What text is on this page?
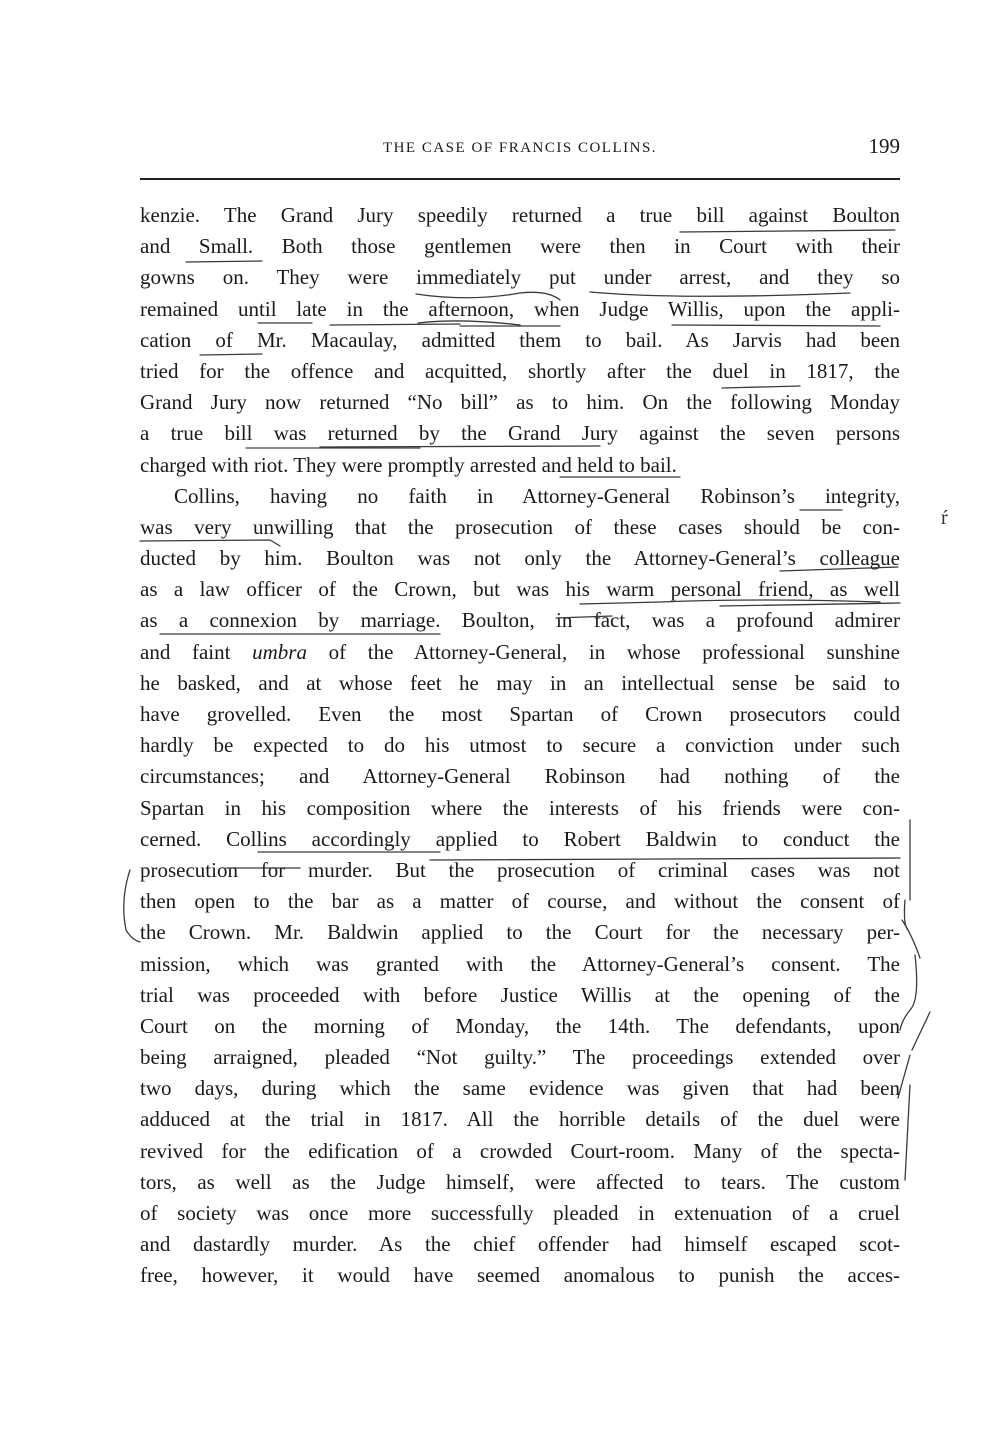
THE CASE OF FRANCIS COLLINS.	199
kenzie. The Grand Jury speedily returned a true bill against Boulton
and Small. Both those gentlemen were then in Court with their
gowns on. They were immediately put under arrest, and they so
remained until late in the afternoon, when Judge Willis, upon the appli-
cation of Mr. Macaulay, admitted them to bail. As Jarvis had been
tried for the offence and acquitted, shortly after the duel in 1817, the
Grand Jury now returned “No bill” as to him. On the following Monday
a true bill was returned by the Grand Jury against the seven persons
charged with riot. They were promptly arrested and held to bail.
Collins, having no faith in Attorney-General Robinson’s integrity,
was very unwilling that the prosecution of these cases should be con-
ducted by him. Boulton was not only the Attorney-General’s colleague
as a law officer of the Crown, but was his warm personal friend, as well
as a connexion by marriage. Boulton, in fact, was a profound admirer
and faint umbra of the Attorney-General, in whose professional sunshine
he basked, and at whose feet he may in an intellectual sense be said to
have grovelled. Even the most Spartan of Crown prosecutors could
hardly be expected to do his utmost to secure a conviction under such
circumstances; and Attorney-General Robinson had nothing of the
Spartan in his composition where the interests of his friends were con-
cerned. Collins accordingly applied to Robert Baldwin to conduct the
prosecution for murder. But the prosecution of criminal cases was not
then open to the bar as a matter of course, and without the consent of
the Crown. Mr. Baldwin applied to the Court for the necessary per-
mission, which was granted with the Attorney-General’s consent. The
trial was proceeded with before Justice Willis at the opening of the
Court on the morning of Monday, the 14th. The defendants, upon
being arraigned, pleaded “Not guilty.” The proceedings extended over
two days, during which the same evidence was given that had been
adduced at the trial in 1817. All the horrible details of the duel were
revived for the edification of a crowded Court-room. Many of the specta-
tors, as well as the Judge himself, were affected to tears. The custom
of society was once more successfully pleaded in extenuation of a cruel
and dastardly murder. As the chief offender had himself escaped scot-
free, however, it would have seemed anomalous to punish the acces-
ŕ
